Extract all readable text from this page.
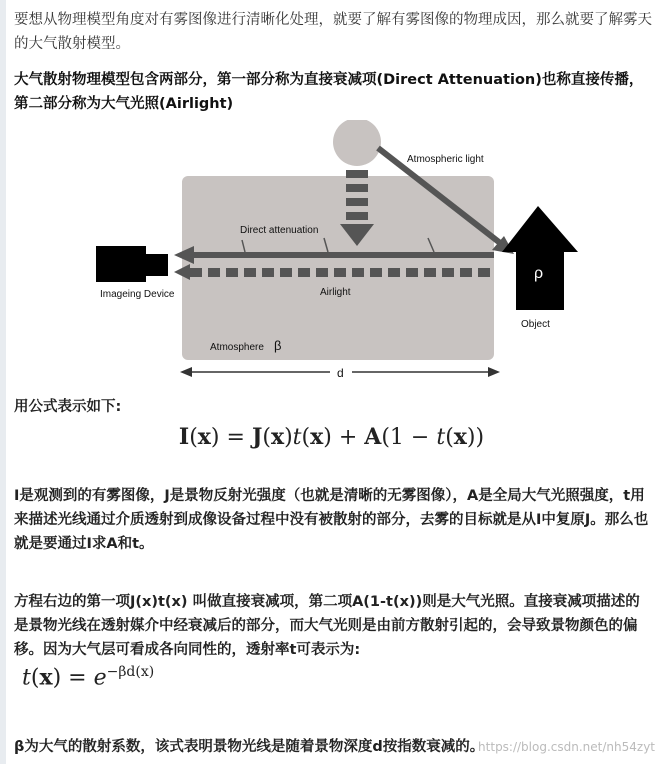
要想从物理模型角度对有雾图像进行清晰化处理，就要了解有雾图像的物理成因，那么就要了解雾天的大气散射模型。

大气散射物理模型包含两部分，第一部分称为直接衰减项(Direct Attenuation)也称直接传播，第二部分称为大气光照(Airlight)

Atmospheric light
Direct attenuation
Airlight
Imageing Device
ρ
Object
Atmosphere β
d

用公式表示如下:

I(x) = J(x)t(x) + A(1 − t(x))

I是观测到的有雾图像，J是景物反射光强度（也就是清晰的无雾图像），A是全局大气光照强度，t用来描述光线通过介质透射到成像设备过程中没有被散射的部分，去雾的目标就是从I中复原J。那么也就是要通过I求A和t。

方程右边的第一项J(x)t(x) 叫做直接衰减项，第二项A(1-t(x))则是大气光照。直接衰减项描述的是景物光线在透射媒介中经衰减后的部分，而大气光则是由前方散射引起的，会导致景物颜色的偏移。因为大气层可看成各向同性的，透射率t可表示为:

$t(x) = e^{-\beta d(x)}$

β为大气的散射系数，该式表明景物光线是随着景物深度d按指数衰减的。

https://blog.csdn.net/nh54zyt
